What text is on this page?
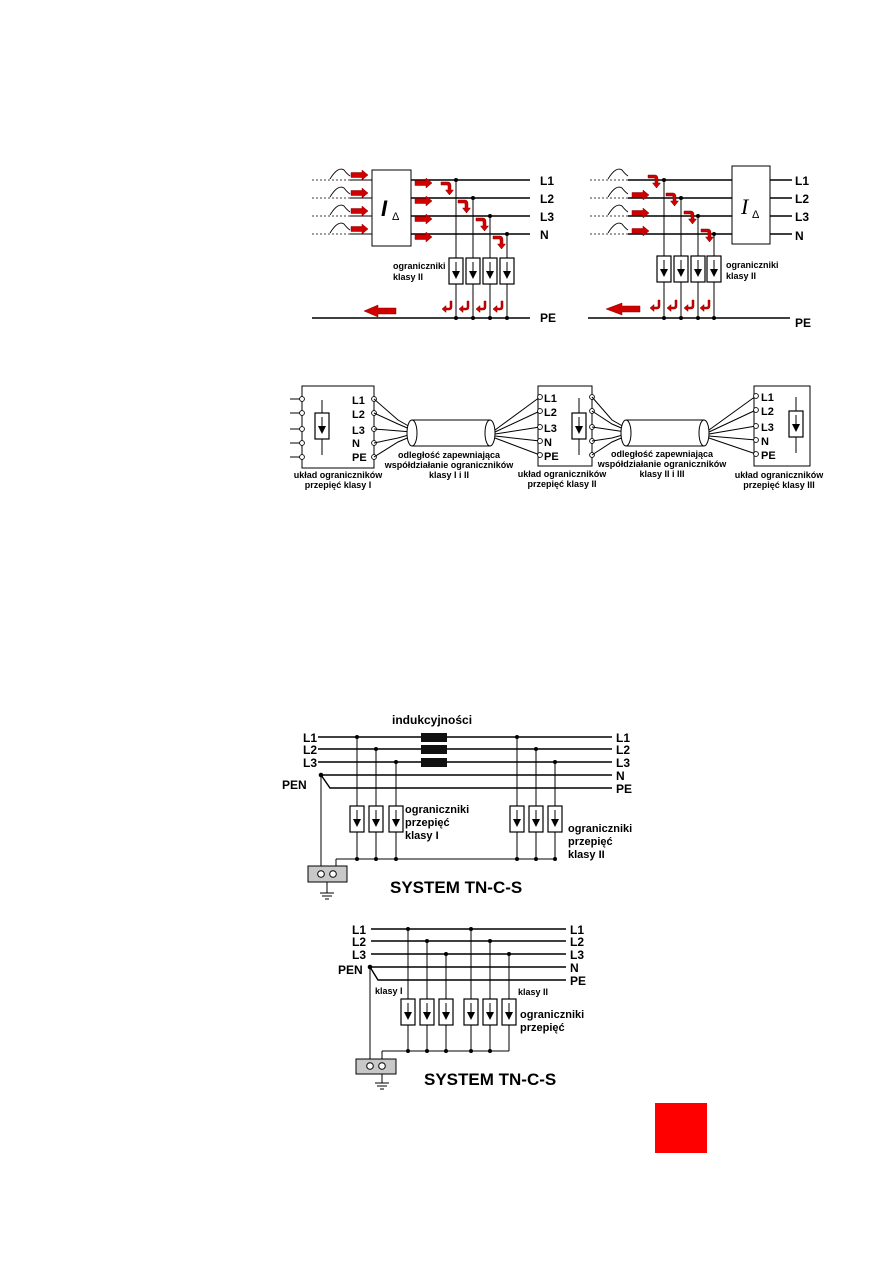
I Δ
L1
L2
L3
N
PE
ograniczniki
klasy II
I Δ
L1
L2
L3
N
PE
ograniczniki
klasy II
L1
L2
L3
N
PE	odległość zapewniająca
współdziałanie ograniczników
klasy I i II
L1
L2
L3
N
PE
układ ograniczników
przepięć klasy II
odległość zapewniająca
współdziałanie ograniczników
klasy II i III
L1
L2
L3
N
PE
układ ograniczników
przepięć klasy I
układ ograniczników
przepięć klasy III
indukcyjności
L1
L2
L3
L1
L2
L3
N
PE
PEN
ograniczniki
przepięć
klasy I
ograniczniki
przepięć
klasy II
SYSTEM TN-C-S
L1
L2
L3
L1
L2
L3
N
PE
PEN
klasy I	klasy II
ograniczniki
przepięć
SYSTEM TN-C-S
